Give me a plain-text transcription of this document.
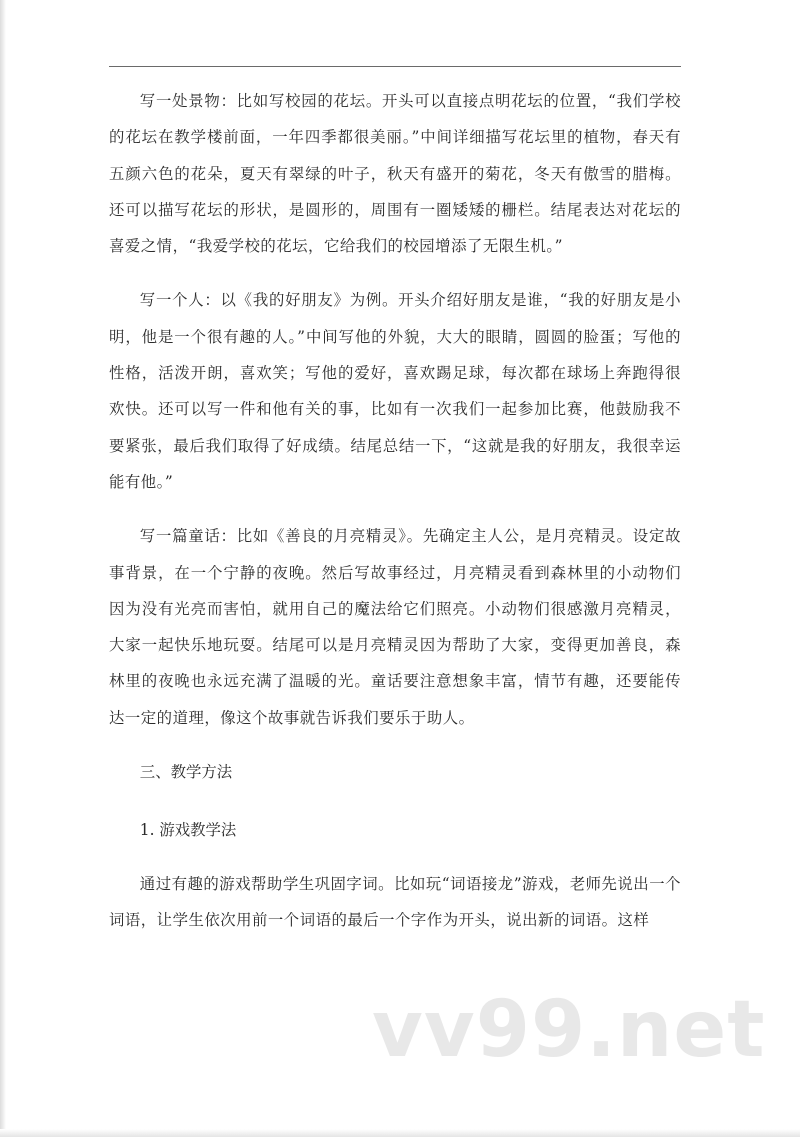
写一处景物：比如写校园的花坛。开头可以直接点明花坛的位置，“我们学校的花坛在教学楼前面，一年四季都很美丽。”中间详细描写花坛里的植物，春天有五颜六色的花朵，夏天有翠绿的叶子，秋天有盛开的菊花，冬天有傲雪的腊梅。还可以描写花坛的形状，是圆形的，周围有一圈矮矮的栅栏。结尾表达对花坛的喜爱之情，“我爱学校的花坛，它给我们的校园增添了无限生机。”

写一个人：以《我的好朋友》为例。开头介绍好朋友是谁，“我的好朋友是小明，他是一个很有趣的人。”中间写他的外貌，大大的眼睛，圆圆的脸蛋；写他的性格，活泼开朗，喜欢笑；写他的爱好，喜欢踢足球，每次都在球场上奔跑得很欢快。还可以写一件和他有关的事，比如有一次我们一起参加比赛，他鼓励我不要紧张，最后我们取得了好成绩。结尾总结一下，“这就是我的好朋友，我很幸运能有他。”

写一篇童话：比如《善良的月亮精灵》。先确定主人公，是月亮精灵。设定故事背景，在一个宁静的夜晚。然后写故事经过，月亮精灵看到森林里的小动物们因为没有光亮而害怕，就用自己的魔法给它们照亮。小动物们很感激月亮精灵，大家一起快乐地玩耍。结尾可以是月亮精灵因为帮助了大家，变得更加善良，森林里的夜晚也永远充满了温暖的光。童话要注意想象丰富，情节有趣，还要能传达一定的道理，像这个故事就告诉我们要乐于助人。

三、教学方法

1. 游戏教学法

通过有趣的游戏帮助学生巩固字词。比如玩“词语接龙”游戏，老师先说出一个词语，让学生依次用前一个词语的最后一个字作为开头，说出新的词语。这样

vv99.net
